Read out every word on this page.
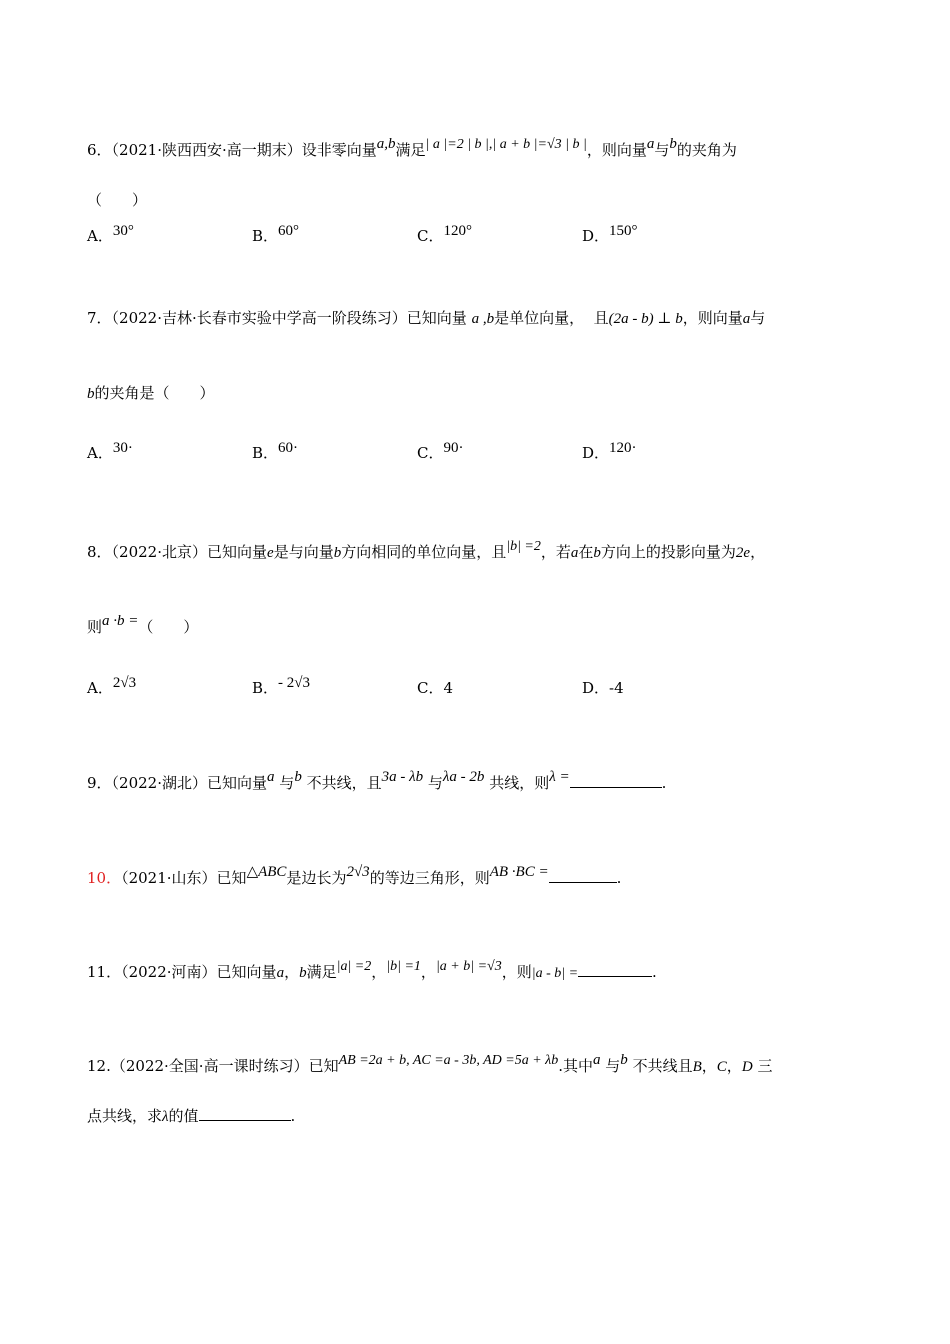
6．（2021·陕西西安·高一期末）设非零向量a,b满足| a |=2 | b |,| a + b |=√3 | b |，则向量a与b的夹角为
（　　）
A．30°	B．60°	C．120°	D．150°
7．（2022·吉林·长春市实验中学高一阶段练习）已知向量 a ,b是单位向量， 且(2a - b) ⊥ b，则向量a与
b的夹角是（　　）
A．30·	B．60·	C．90·	D．120·
8．（2022·北京）已知向量e是与向量b方向相同的单位向量，且|b| =2，若a在b方向上的投影向量为2e，
则a ·b =（　　）
A．2√3	B．- 2√3	C．4	D．-4
9．（2022·湖北）已知向量a 与b 不共线，且3a - λb 与λa - 2b 共线，则λ =	.
10．（2021·山东）已知△ABC是边长为2√3的等边三角形，则AB ·BC =	.
11．（2022·河南）已知向量a，b满足|a| =2，|b| =1，|a + b| =√3，则|a - b| =	.
12.（2022·全国·高一课时练习）已知AB =2a + b, AC =a - 3b, AD =5a + λb.其中a 与b 不共线且B，C，D 三
点共线，求λ的值	.
